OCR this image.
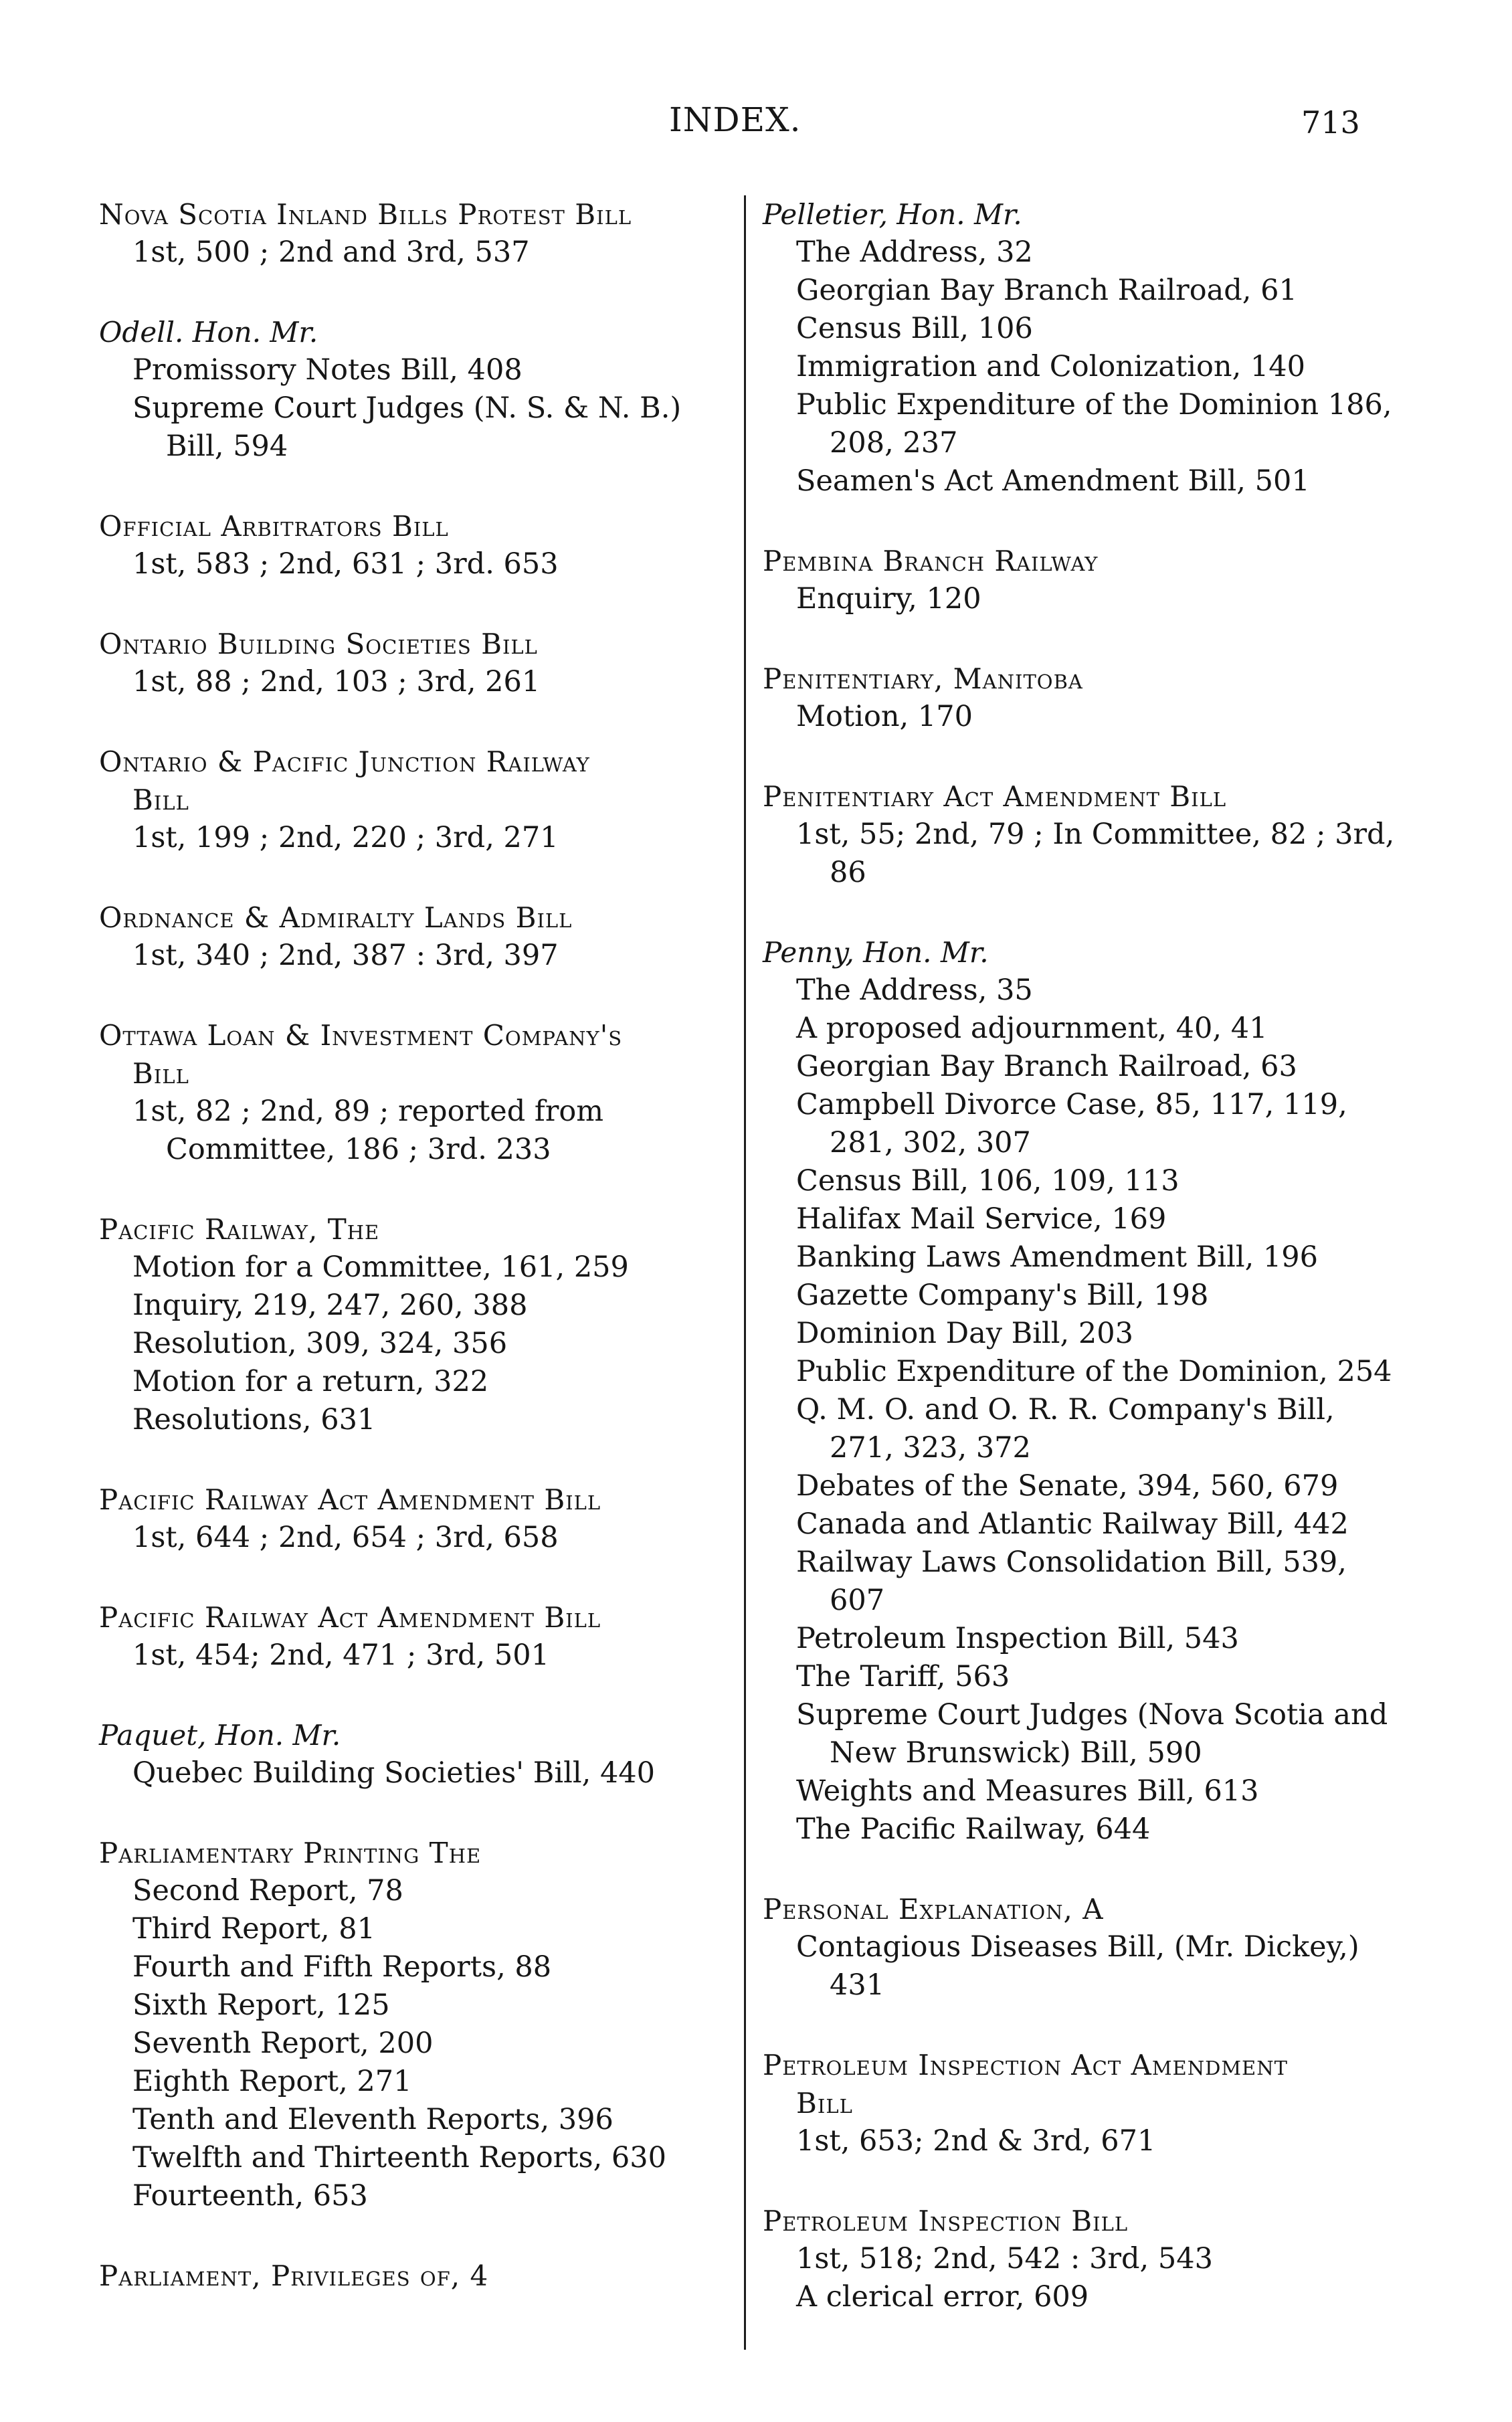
INDEX.	713
Nova Scotia Inland Bills Protest Bill
1st, 500 ; 2nd and 3rd, 537
Odell. Hon. Mr.
Promissory Notes Bill, 408
Supreme Court Judges (N. S. & N. B.) Bill, 594
Official Arbitrators Bill
1st, 583 ; 2nd, 631 ; 3rd. 653
Ontario Building Societies Bill
1st, 88 ; 2nd, 103 ; 3rd, 261
Ontario & Pacific Junction Railway
Bill
1st, 199 ; 2nd, 220 ; 3rd, 271
Ordnance & Admiralty Lands Bill
1st, 340 ; 2nd, 387 : 3rd, 397
Ottawa Loan & Investment Company's
Bill
1st, 82 ; 2nd, 89 ; reported from Committee, 186 ; 3rd. 233
Pacific Railway, The
Motion for a Committee, 161, 259
Inquiry, 219, 247, 260, 388
Resolution, 309, 324, 356
Motion for a return, 322
Resolutions, 631
Pacific Railway Act Amendment Bill
1st, 644 ; 2nd, 654 ; 3rd, 658
Pacific Railway Act Amendment Bill
1st, 454; 2nd, 471 ; 3rd, 501
Paquet, Hon. Mr.
Quebec Building Societies' Bill, 440
Parliamentary Printing The
Second Report, 78
Third Report, 81
Fourth and Fifth Reports, 88
Sixth Report, 125
Seventh Report, 200
Eighth Report, 271
Tenth and Eleventh Reports, 396
Twelfth and Thirteenth Reports, 630
Fourteenth, 653
Parliament, Privileges of, 4
Pelletier, Hon. Mr.
The Address, 32
Georgian Bay Branch Railroad, 61
Census Bill, 106
Immigration and Colonization, 140
Public Expenditure of the Dominion 186, 208, 237
Seamen's Act Amendment Bill, 501
Pembina Branch Railway
Enquiry, 120
Penitentiary, Manitoba
Motion, 170
Penitentiary Act Amendment Bill
1st, 55; 2nd, 79 ; In Committee, 82 ; 3rd, 86
Penny, Hon. Mr.
The Address, 35
A proposed adjournment, 40, 41
Georgian Bay Branch Railroad, 63
Campbell Divorce Case, 85, 117, 119, 281, 302, 307
Census Bill, 106, 109, 113
Halifax Mail Service, 169
Banking Laws Amendment Bill, 196
Gazette Company's Bill, 198
Dominion Day Bill, 203
Public Expenditure of the Dominion, 254
Q. M. O. and O. R. R. Company's Bill, 271, 323, 372
Debates of the Senate, 394, 560, 679
Canada and Atlantic Railway Bill, 442
Railway Laws Consolidation Bill, 539, 607
Petroleum Inspection Bill, 543
The Tariff, 563
Supreme Court Judges (Nova Scotia and New Brunswick) Bill, 590
Weights and Measures Bill, 613
The Pacific Railway, 644
Personal Explanation, A
Contagious Diseases Bill, (Mr. Dickey,) 431
Petroleum Inspection Act Amendment
Bill
1st, 653; 2nd & 3rd, 671
Petroleum Inspection Bill
1st, 518; 2nd, 542 : 3rd, 543
A clerical error, 609
